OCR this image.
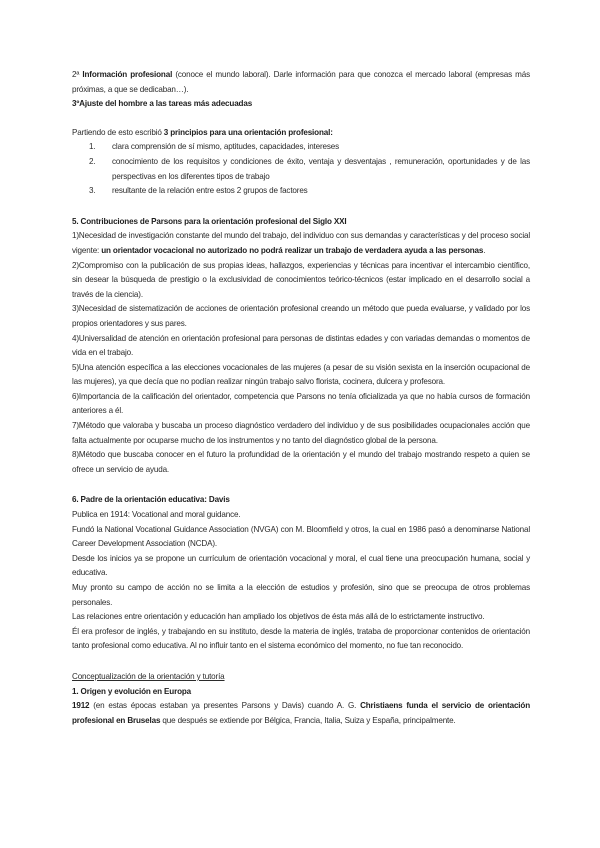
2ª Información profesional (conoce el mundo laboral). Darle información para que conozca el mercado laboral (empresas más próximas, a que se dedicaban…).

3ºAjuste del hombre a las tareas más adecuadas

Partiendo de esto escribió 3 principios para una orientación profesional:

1. clara comprensión de sí mismo, aptitudes, capacidades, intereses
2. conocimiento de los requisitos y condiciones de éxito, ventaja y desventajas , remuneración, oportunidades y de las perspectivas en los diferentes tipos de trabajo
3. resultante de la relación entre estos 2 grupos de factores

5. Contribuciones de Parsons para la orientación profesional del Siglo XXI

1)Necesidad de investigación constante del mundo del trabajo, del individuo con sus demandas y características y del proceso social vigente: un orientador vocacional no autorizado no podrá realizar un trabajo de verdadera ayuda a las personas.

2)Compromiso con la publicación de sus propias ideas, hallazgos, experiencias y técnicas para incentivar el intercambio científico, sin desear la búsqueda de prestigio o la exclusividad de conocimientos teórico-técnicos (estar implicado en el desarrollo social a través de la ciencia).

3)Necesidad de sistematización de acciones de orientación profesional creando un método que pueda evaluarse, y validado por los propios orientadores y sus pares.

4)Universalidad de atención en orientación profesional para personas de distintas edades y con variadas demandas o momentos de vida en el trabajo.

5)Una atención específica a las elecciones vocacionales de las mujeres (a pesar de su visión sexista en la inserción ocupacional de las mujeres), ya que decía que no podían realizar ningún trabajo salvo florista, cocinera, dulcera y profesora.

6)Importancia de la calificación del orientador, competencia que Parsons no tenía oficializada ya que no había cursos de formación anteriores a él.

7)Método que valoraba y buscaba un proceso diagnóstico verdadero del individuo y de sus posibilidades ocupacionales acción que falta actualmente por ocuparse mucho de los instrumentos y no tanto del diagnóstico global de la persona.

8)Método que buscaba conocer en el futuro la profundidad de la orientación y el mundo del trabajo mostrando respeto a quien se ofrece un servicio de ayuda.

6. Padre de la orientación educativa: Davis

Publica en 1914: Vocational and moral guidance.

Fundó la National Vocational Guidance Association (NVGA) con M. Bloomfield y otros, la cual en 1986 pasó a denominarse National Career Development Association (NCDA).

Desde los inicios ya se propone un currículum de orientación vocacional y moral, el cual tiene una preocupación humana, social y educativa.

Muy pronto su campo de acción no se limita a la elección de estudios y profesión, sino que se preocupa de otros problemas personales.

Las relaciones entre orientación y educación han ampliado los objetivos de ésta más allá de lo estrictamente instructivo.

Él era profesor de inglés, y trabajando en su instituto, desde la materia de inglés, trataba de proporcionar contenidos de orientación tanto profesional como educativa. Al no influir tanto en el sistema económico del momento, no fue tan reconocido.

Conceptualización de la orientación y tutoría

1. Origen y evolución en Europa

1912 (en estas épocas estaban ya presentes Parsons y Davis) cuando A. G. Christiaens funda el servicio de orientación profesional en Bruselas que después se extiende por Bélgica, Francia, Italia, Suiza y España, principalmente.
